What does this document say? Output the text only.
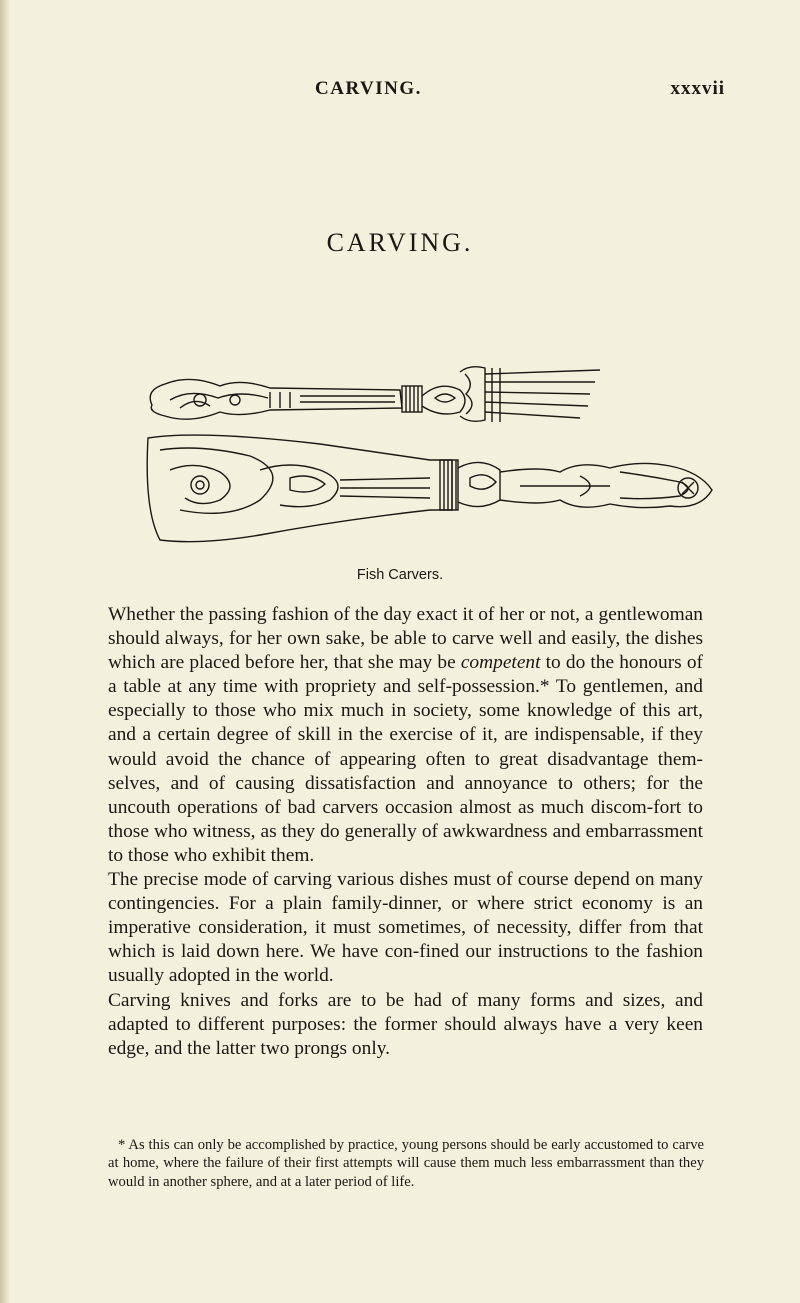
CARVING.	xxxvii
CARVING.
Fish Carvers.

Whether the passing fashion of the day exact it of her or not, a gentlewoman should always, for her own sake, be able to carve well and easily, the dishes which are placed before her, that she may be competent to do the honours of a table at any time with propriety and self-possession.* To gentlemen, and especially to those who mix much in society, some knowledge of this art, and a certain degree of skill in the exercise of it, are indispensable, if they would avoid the chance of appearing often to great disadvantage them-selves, and of causing dissatisfaction and annoyance to others; for the uncouth operations of bad carvers occasion almost as much discom-fort to those who witness, as they do generally of awkwardness and embarrassment to those who exhibit them.

The precise mode of carving various dishes must of course depend on many contingencies. For a plain family-dinner, or where strict economy is an imperative consideration, it must sometimes, of necessity, differ from that which is laid down here. We have con-fined our instructions to the fashion usually adopted in the world.

Carving knives and forks are to be had of many forms and sizes, and adapted to different purposes: the former should always have a very keen edge, and the latter two prongs only.

* As this can only be accomplished by practice, young persons should be early accustomed to carve at home, where the failure of their first attempts will cause them much less embarrassment than they would in another sphere, and at a later period of life.
